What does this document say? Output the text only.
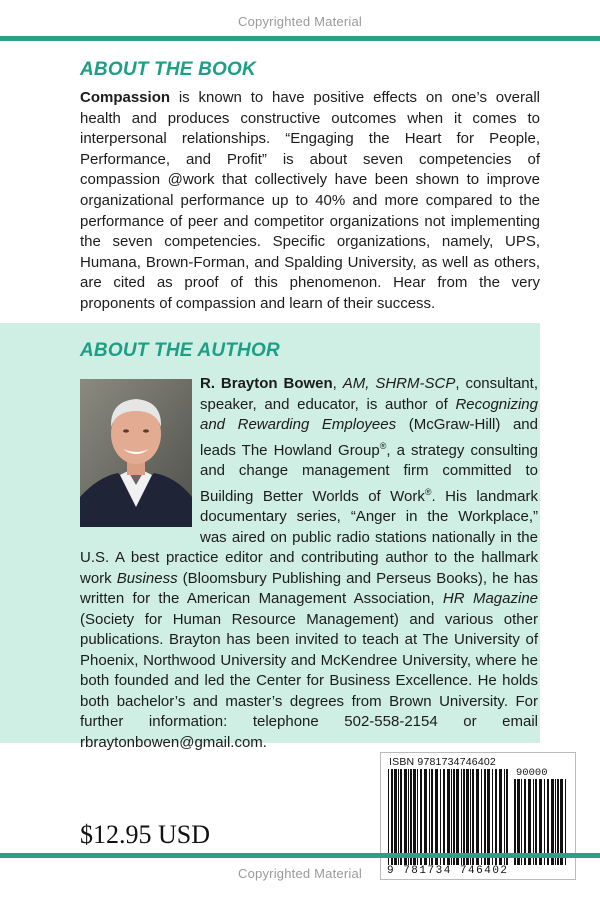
Copyrighted Material
ABOUT THE BOOK
Compassion is known to have positive effects on one’s overall health and produces constructive outcomes when it comes to interpersonal relationships. “Engaging the Heart for People, Performance, and Profit” is about seven competencies of compassion @work that collectively have been shown to improve organizational performance up to 40% and more compared to the performance of peer and competitor organizations not implementing the seven competencies. Specific organizations, namely, UPS, Humana, Brown-Forman, and Spalding University, as well as others, are cited as proof of this phenomenon. Hear from the very proponents of compassion and learn of their success.
ABOUT THE AUTHOR
R. Brayton Bowen, AM, SHRM-SCP, consultant, speaker, and educator, is author of Recognizing and Rewarding Employees (McGraw-Hill) and leads The Howland Group®, a strategy consulting and change management firm committed to Building Better Worlds of Work®. His landmark documentary series, “Anger in the Workplace,” was aired on public radio stations nationally in the U.S. A best practice editor and contributing author to the hallmark work Business (Bloomsbury Publishing and Perseus Books), he has written for the American Management Association, HR Magazine (Society for Human Resource Management) and various other publications. Brayton has been invited to teach at The University of Phoenix, Northwood University and McKendree University, where he both founded and led the Center for Business Excellence. He holds both bachelor’s and master’s degrees from Brown University. For further information: telephone 502-558-2154 or email rbraytonbowen@gmail.com.
$12.95 USD
ISBN 9781734746402
90000
9 781734 746402
Copyrighted Material
